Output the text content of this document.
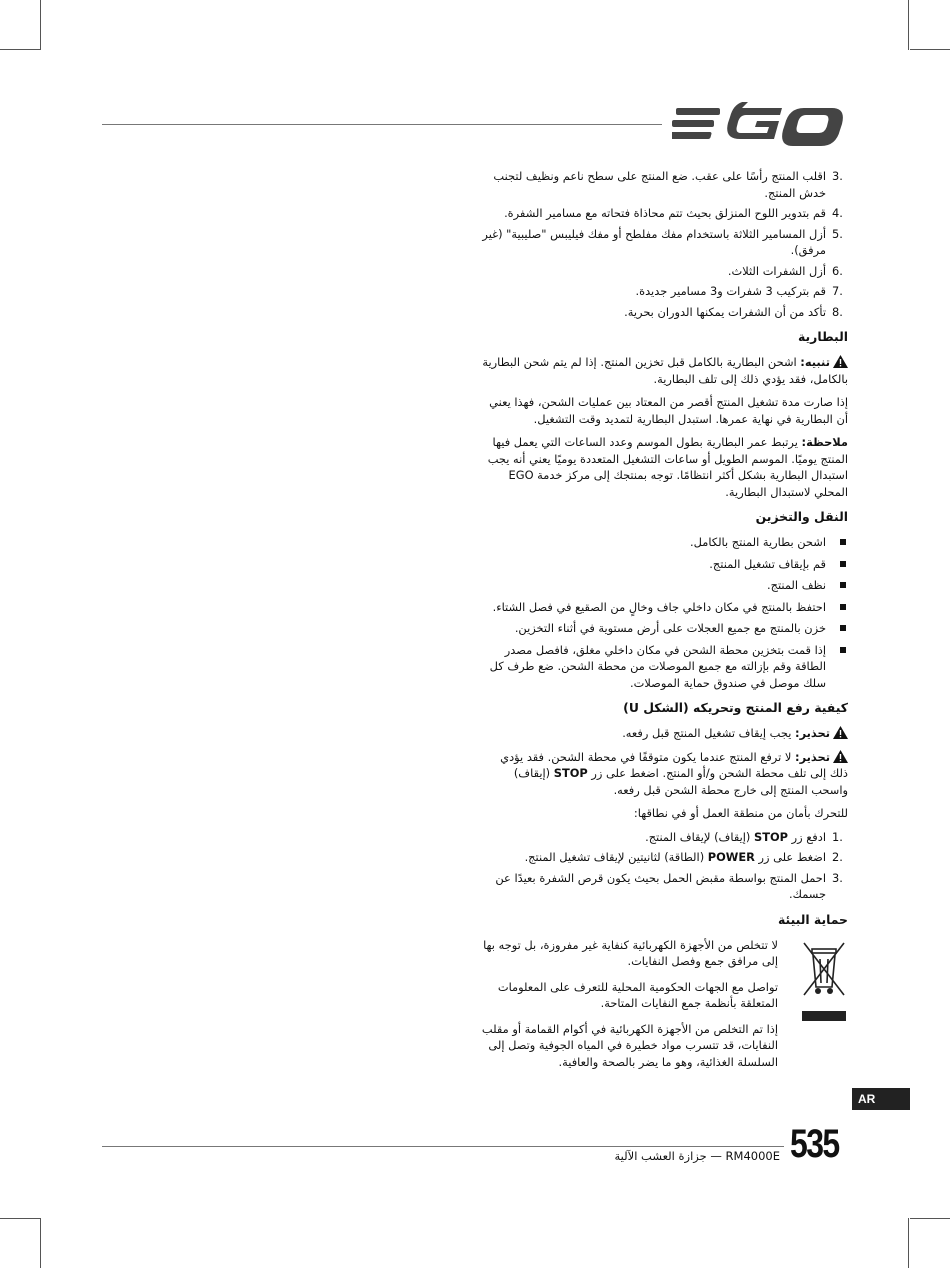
3.
اقلب المنتج رأسًا على عقب. ضع المنتج على سطح ناعم ونظيف لتجنب خدش المنتج.
4.
قم بتدوير اللوح المنزلق بحيث تتم محاذاة فتحاته مع مسامير الشفرة.
5.
أزل المسامير الثلاثة باستخدام مفك مفلطح أو مفك فيليبس "صليبية" (غير مرفق).
6.
أزل الشفرات الثلاث.
7.
قم بتركيب 3 شفرات و3 مسامير جديدة.
8.
تأكد من أن الشفرات يمكنها الدوران بحرية.
البطارية

تنبيه: اشحن البطارية بالكامل قبل تخزين المنتج. إذا لم يتم شحن البطارية بالكامل، فقد يؤدي ذلك إلى تلف البطارية.

إذا صارت مدة تشغيل المنتج أقصر من المعتاد بين عمليات الشحن، فهذا يعني أن البطارية في نهاية عمرها. استبدل البطارية لتمديد وقت التشغيل.

ملاحظة: يرتبط عمر البطارية بطول الموسم وعدد الساعات التي يعمل فيها المنتج يوميًا. الموسم الطويل أو ساعات التشغيل المتعددة يوميًا يعني أنه يجب استبدال البطارية بشكل أكثر انتظامًا. توجه بمنتجك إلى مركز خدمة EGO المحلي لاستبدال البطارية.

النقل والتخزين
اشحن بطارية المنتج بالكامل.
قم بإيقاف تشغيل المنتج.
نظف المنتج.
احتفظ بالمنتج في مكان داخلي جاف وخالٍ من الصقيع في فصل الشتاء.
خزن بالمنتج مع جميع العجلات على أرض مستوية في أثناء التخزين.
إذا قمت بتخزين محطة الشحن في مكان داخلي مغلق، فافصل مصدر الطاقة وقم بإزالته مع جميع الموصلات من محطة الشحن. ضع طرف كل سلك موصل في صندوق حماية الموصلات.
كيفية رفع المنتج وتحريكه (الشكل U)

تحذير: يجب إيقاف تشغيل المنتج قبل رفعه.

تحذير: لا ترفع المنتج عندما يكون متوقفًا في محطة الشحن. فقد يؤدي ذلك إلى تلف محطة الشحن و/أو المنتج. اضغط على زر STOP (إيقاف) واسحب المنتج إلى خارج محطة الشحن قبل رفعه.

للتحرك بأمان من منطقة العمل أو في نطاقها:

1.
ادفع زر STOP (إيقاف) لإيقاف المنتج.
2.
اضغط على زر POWER (الطاقة) لثانيتين لإيقاف تشغيل المنتج.
3.
احمل المنتج بواسطة مقبض الحمل بحيث يكون قرص الشفرة بعيدًا عن جسمك.
حماية البيئة

لا تتخلص من الأجهزة الكهربائية كنفاية غير مفروزة، بل توجه بها إلى مرافق جمع وفصل النفايات.

تواصل مع الجهات الحكومية المحلية للتعرف على المعلومات المتعلقة بأنظمة جمع النفايات المتاحة.

إذا تم التخلص من الأجهزة الكهربائية في أكوام القمامة أو مقلب النفايات، قد تتسرب مواد خطيرة في المياه الجوفية وتصل إلى السلسلة الغذائية، وهو ما يضر بالصحة والعافية.

AR
535
RM4000E — جزازة العشب الآلية
